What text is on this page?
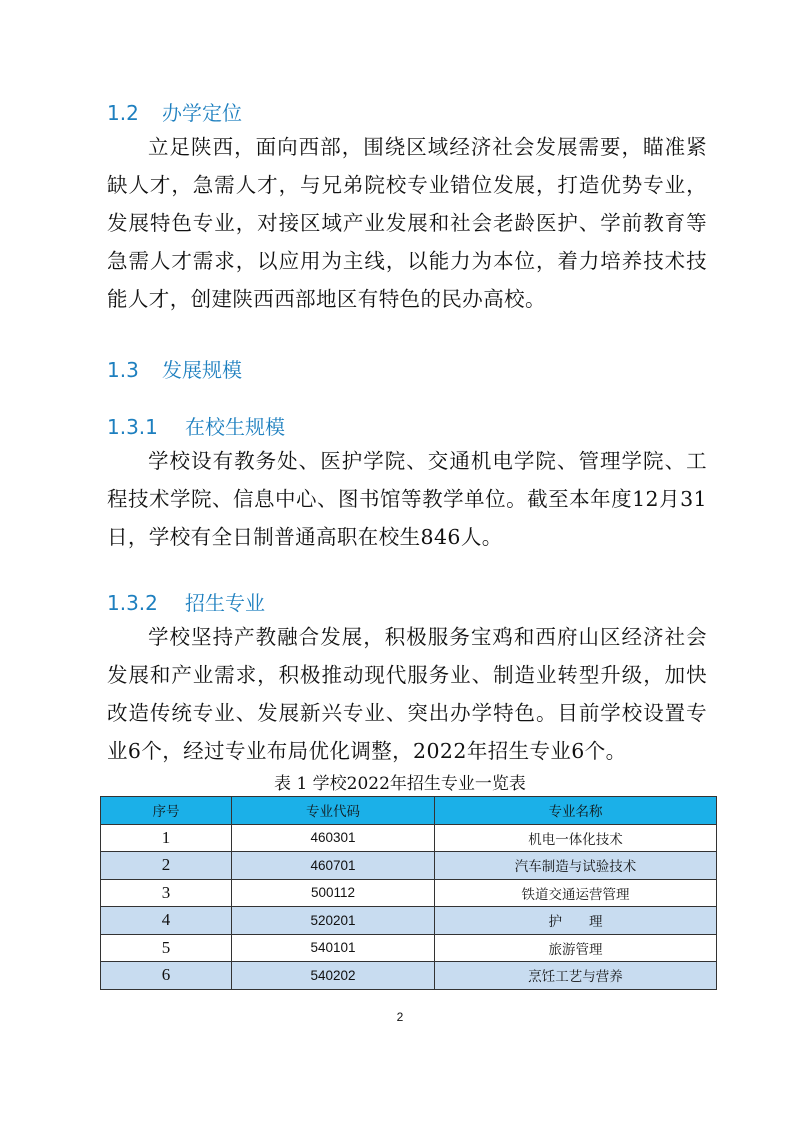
1.2 办学定位
立足陕西，面向西部，围绕区域经济社会发展需要，瞄准紧缺人才，急需人才，与兄弟院校专业错位发展，打造优势专业，发展特色专业，对接区域产业发展和社会老龄医护、学前教育等急需人才需求，以应用为主线，以能力为本位，着力培养技术技能人才，创建陕西西部地区有特色的民办高校。
1.3 发展规模
1.3.1 在校生规模
学校设有教务处、医护学院、交通机电学院、管理学院、工程技术学院、信息中心、图书馆等教学单位。截至本年度12月31日，学校有全日制普通高职在校生846人。
1.3.2 招生专业
学校坚持产教融合发展，积极服务宝鸡和西府山区经济社会发展和产业需求，积极推动现代服务业、制造业转型升级，加快改造传统专业、发展新兴专业、突出办学特色。目前学校设置专业6个，经过专业布局优化调整，2022年招生专业6个。
表 1 学校2022年招生专业一览表
序号	专业代码	专业名称
1	460301	机电一体化技术
2	460701	汽车制造与试验技术
3	500112	铁道交通运营管理
4	520201	护　　理
5	540101	旅游管理
6	540202	烹饪工艺与营养
2
